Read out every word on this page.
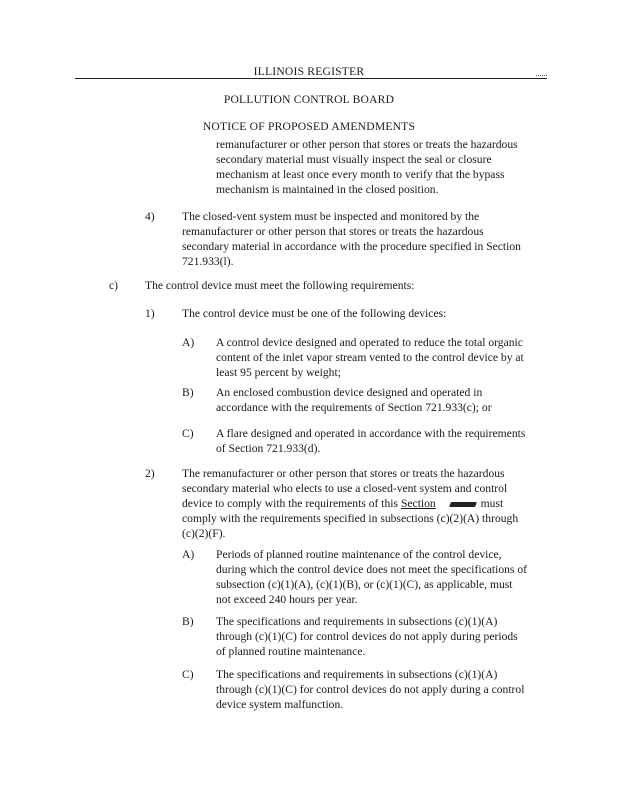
ILLINOIS REGISTER
POLLUTION CONTROL BOARD
NOTICE OF PROPOSED AMENDMENTS
remanufacturer or other person that stores or treats the hazardous
secondary material must visually inspect the seal or closure
mechanism at least once every month to verify that the bypass
mechanism is maintained in the closed position.
4) The closed-vent system must be inspected and monitored by the
remanufacturer or other person that stores or treats the hazardous
secondary material in accordance with the procedure specified in Section
721.933(l).
c) The control device must meet the following requirements:
1) The control device must be one of the following devices:
A) A control device designed and operated to reduce the total organic
content of the inlet vapor stream vented to the control device by at
least 95 percent by weight;
B) An enclosed combustion device designed and operated in
accordance with the requirements of Section 721.933(c); or
C) A flare designed and operated in accordance with the requirements
of Section 721.933(d).
2) The remanufacturer or other person that stores or treats the hazardous
secondary material who elects to use a closed-vent system and control
device to comply with the requirements of this Section	must
comply with the requirements specified in subsections (c)(2)(A) through
(c)(2)(F).
A) Periods of planned routine maintenance of the control device,
during which the control device does not meet the specifications of
subsection (c)(1)(A), (c)(1)(B), or (c)(1)(C), as applicable, must
not exceed 240 hours per year.
B) The specifications and requirements in subsections (c)(1)(A)
through (c)(1)(C) for control devices do not apply during periods
of planned routine maintenance.
C) The specifications and requirements in subsections (c)(1)(A)
through (c)(1)(C) for control devices do not apply during a control
device system malfunction.
